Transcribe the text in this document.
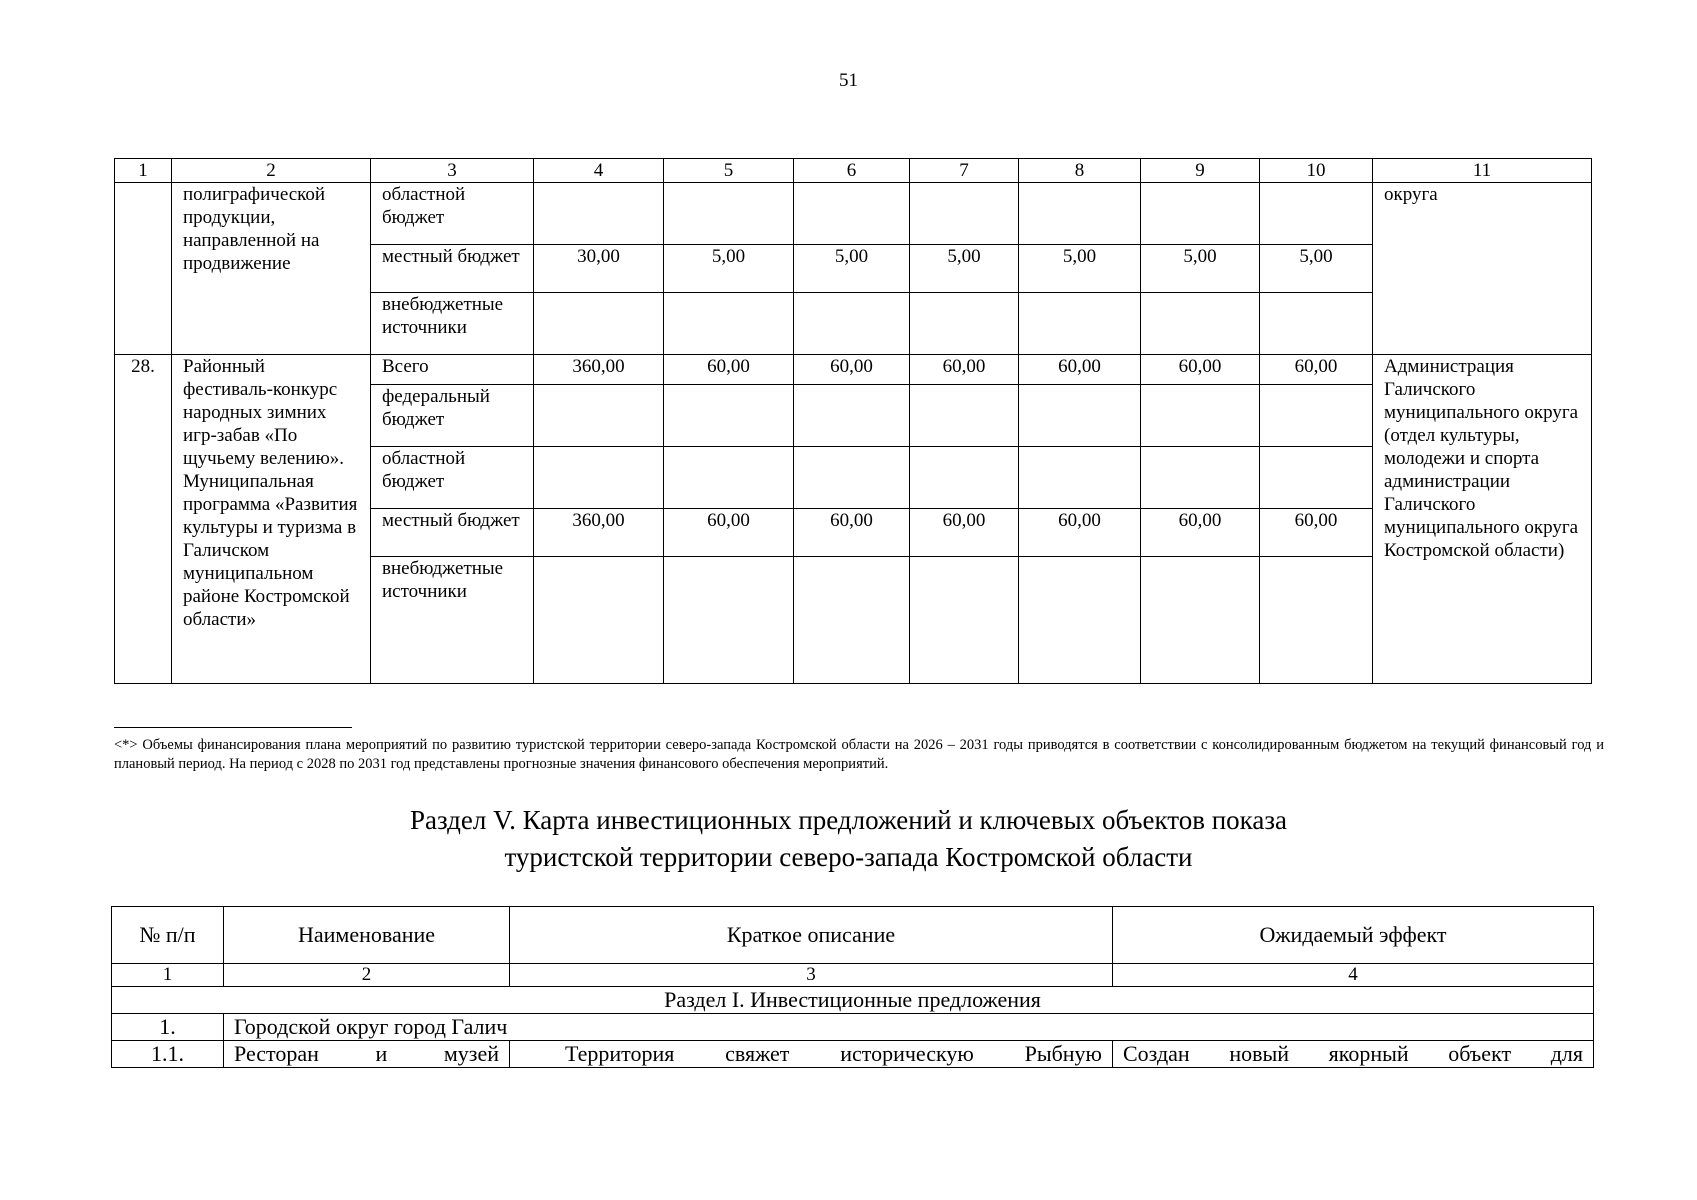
51
1	2	3	4	5	6	7	8	9	10	11
	полиграфической продукции, направленной на продвижение	областной бюджет								округа
		местный бюджет	30,00	5,00	5,00	5,00	5,00	5,00	5,00	
		внебюджетные источники								
28.	Районный фестиваль-конкурс народных зимних игр-забав «По щучьему велению». Муниципальная программа «Развития культуры и туризма в Галичском муниципальном районе Костромской области»	Всего	360,00	60,00	60,00	60,00	60,00	60,00	60,00	Администрация Галичского муниципального округа (отдел культуры, молодежи и спорта администрации Галичского муниципального округа Костромской области)
		федеральный бюджет								
		областной бюджет								
		местный бюджет	360,00	60,00	60,00	60,00	60,00	60,00	60,00	
		внебюджетные источники								
<*> Объемы финансирования плана мероприятий по развитию туристской территории северо-запада Костромской области на 2026 – 2031 годы приводятся в соответствии с консолидированным бюджетом на текущий финансовый год и плановый период. На период с 2028 по 2031 год представлены прогнозные значения финансового обеспечения мероприятий.
Раздел V. Карта инвестиционных предложений и ключевых объектов показа
туристской территории северо-запада Костромской области
№ п/п	Наименование	Краткое описание	Ожидаемый эффект
1	2	3	4
Раздел I. Инвестиционные предложения			
1.	Городской округ город Галич		
1.1.	Ресторан и музей	Территория свяжет историческую Рыбную	Создан новый якорный объект для
